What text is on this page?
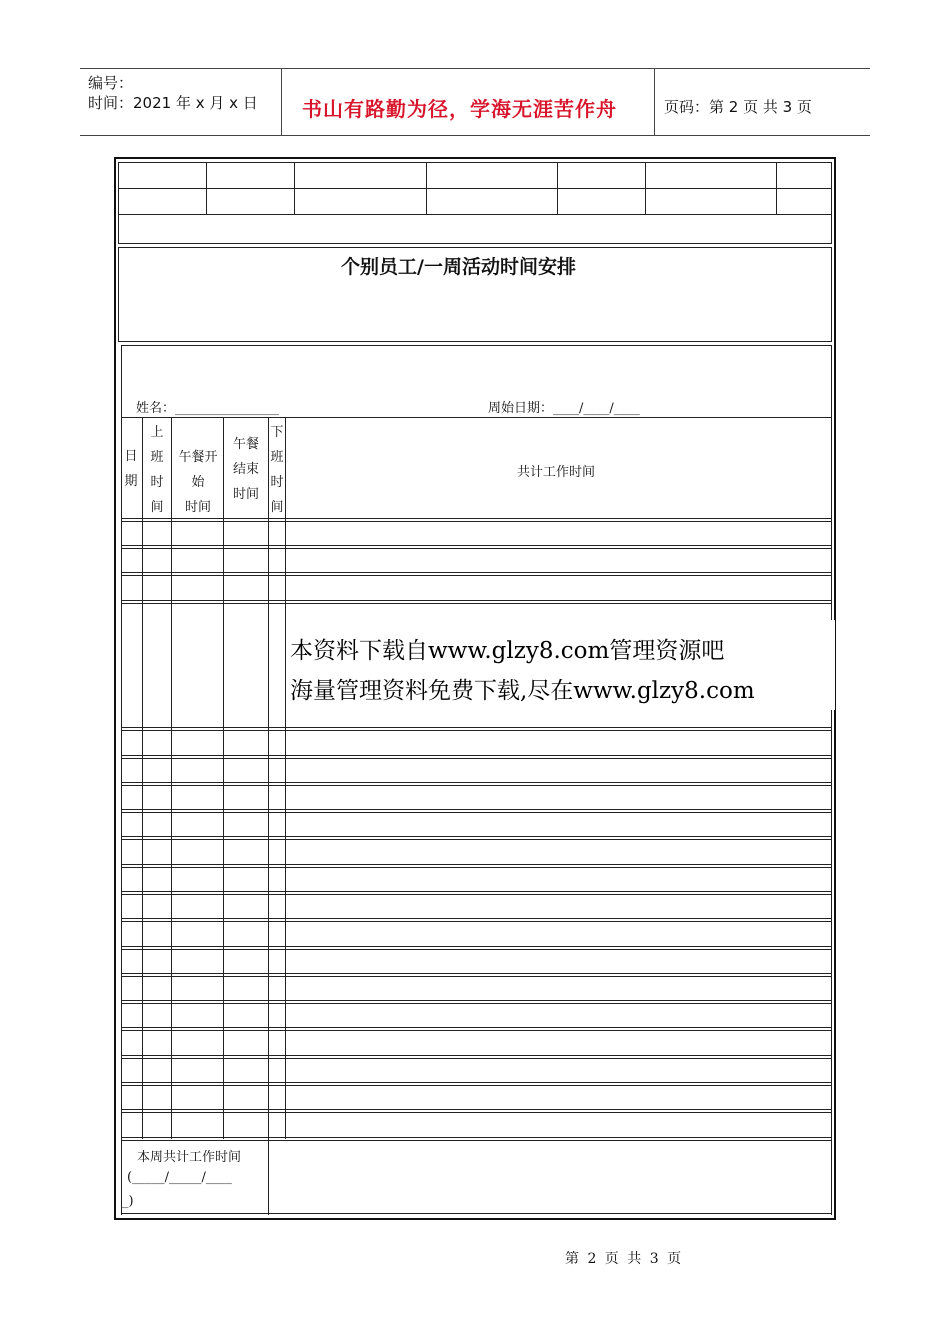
编号：
时间：2021 年 x 月 x 日 书山有路勤为径，学海无涯苦作舟	页码：第 2 页 共 3 页
个别员工/一周活动时间安排
姓名：________________	周始日期：____/____/____
日
期
上
班
时
间
午餐开始
时间
午餐
结束
时间
下
班
时
间
共计工作时间
本资料下载自www.glzy8.com管理资源吧
海量管理资料免费下载,尽在www.glzy8.com
本周共计工作时间
(_____/_____/____
_)
第 2 页 共 3 页
